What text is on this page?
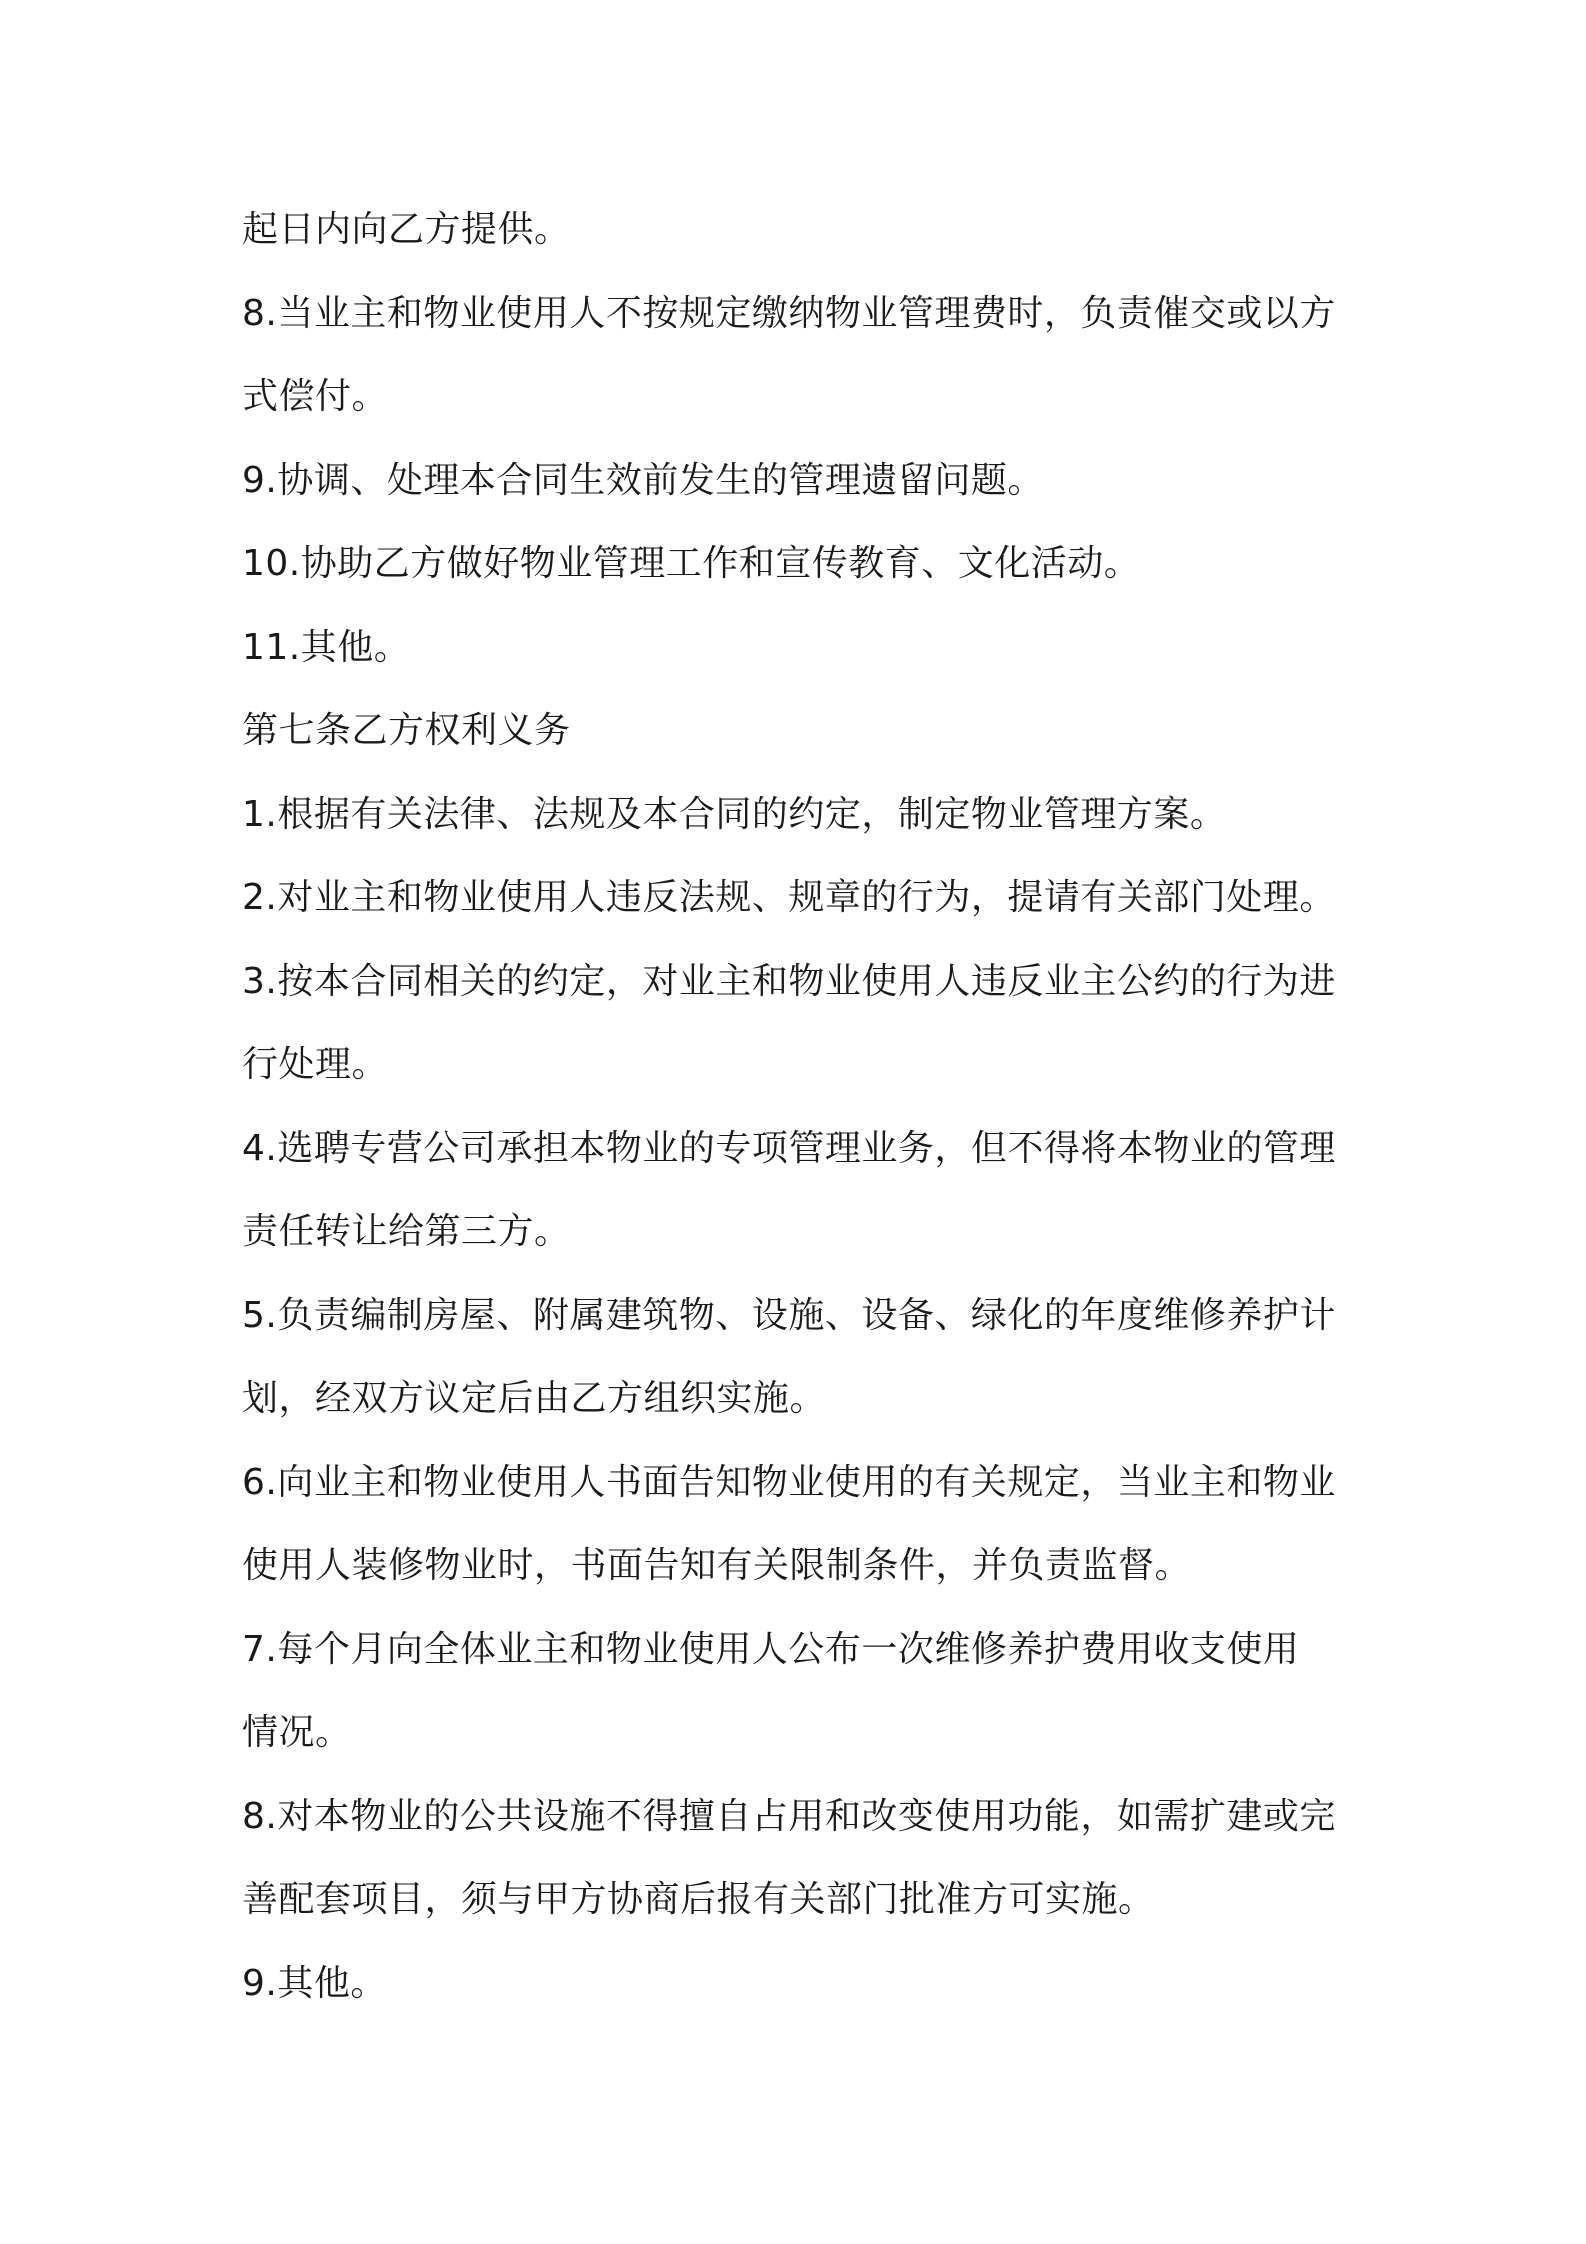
起日内向乙方提供。

8.当业主和物业使用人不按规定缴纳物业管理费时，负责催交或以方

式偿付。

9.协调、处理本合同生效前发生的管理遗留问题。

10.协助乙方做好物业管理工作和宣传教育、文化活动。

11.其他。

第七条乙方权利义务

1.根据有关法律、法规及本合同的约定，制定物业管理方案。

2.对业主和物业使用人违反法规、规章的行为，提请有关部门处理。

3.按本合同相关的约定，对业主和物业使用人违反业主公约的行为进

行处理。

4.选聘专营公司承担本物业的专项管理业务，但不得将本物业的管理

责任转让给第三方。

5.负责编制房屋、附属建筑物、设施、设备、绿化的年度维修养护计

划，经双方议定后由乙方组织实施。

6.向业主和物业使用人书面告知物业使用的有关规定，当业主和物业

使用人装修物业时，书面告知有关限制条件，并负责监督。

7.每个月向全体业主和物业使用人公布一次维修养护费用收支使用

情况。

8.对本物业的公共设施不得擅自占用和改变使用功能，如需扩建或完

善配套项目，须与甲方协商后报有关部门批准方可实施。

9.其他。
